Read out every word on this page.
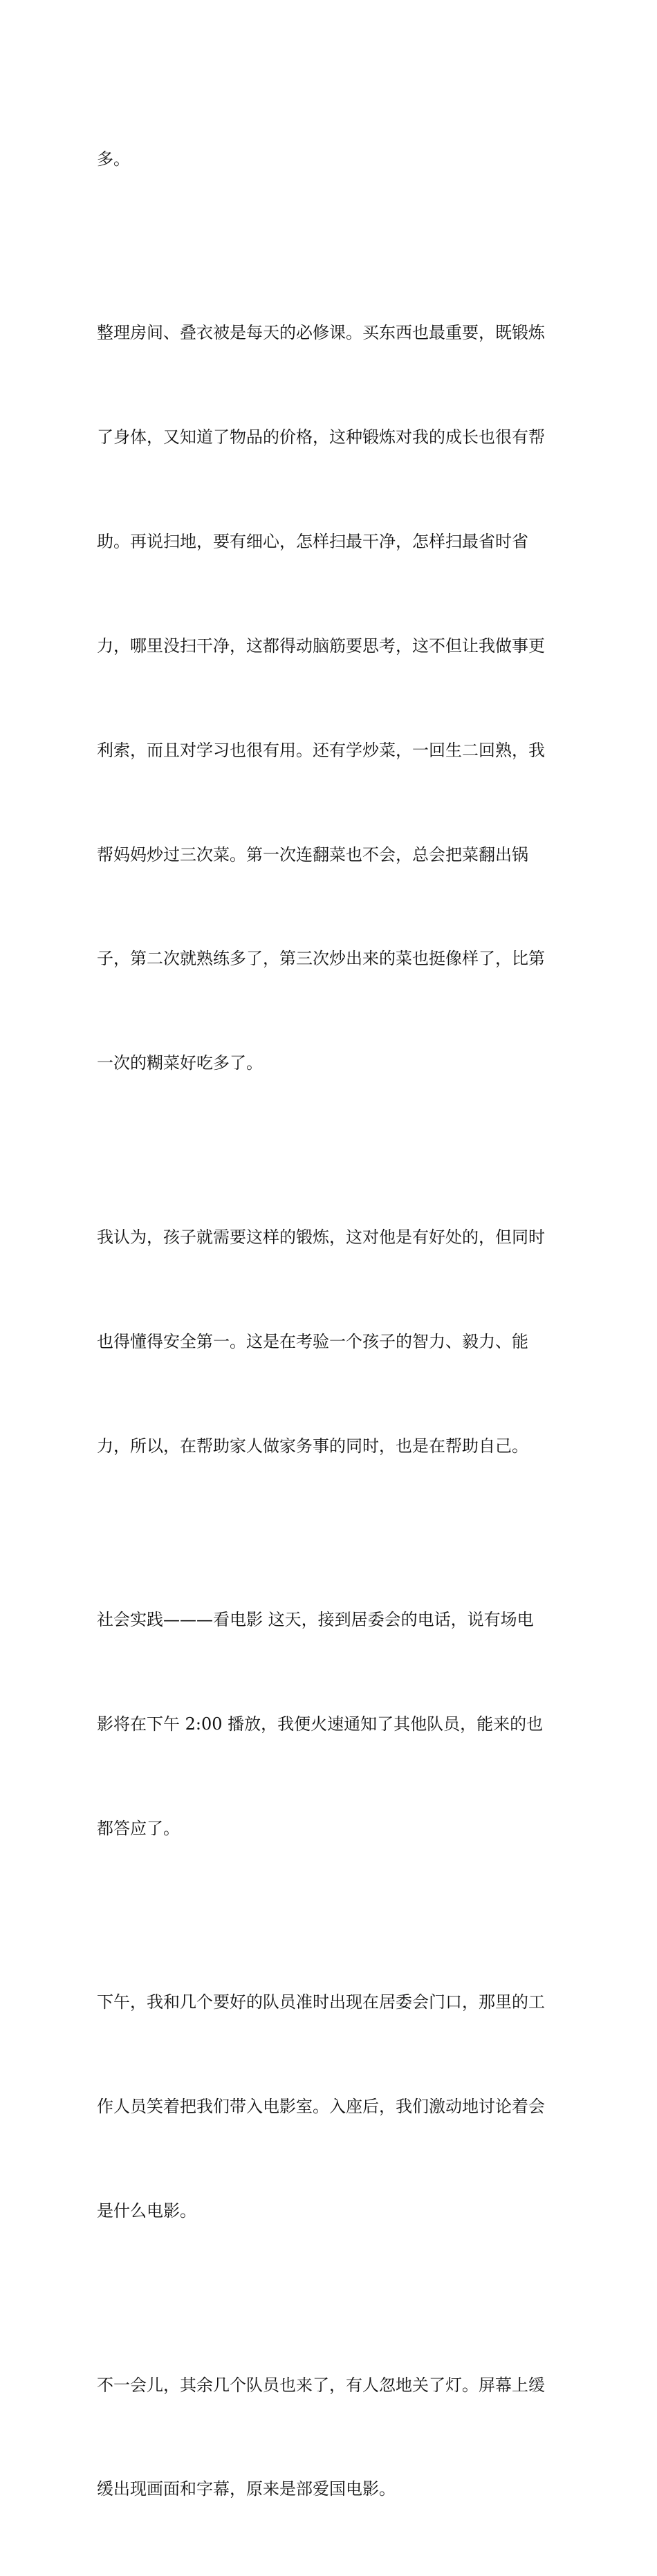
多。

整理房间、叠衣被是每天的必修课。买东西也最重要，既锻炼

了身体，又知道了物品的价格，这种锻炼对我的成长也很有帮

助。再说扫地，要有细心，怎样扫最干净，怎样扫最省时省

力，哪里没扫干净，这都得动脑筋要思考，这不但让我做事更

利索，而且对学习也很有用。还有学炒菜，一回生二回熟，我

帮妈妈炒过三次菜。第一次连翻菜也不会，总会把菜翻出锅

子，第二次就熟练多了，第三次炒出来的菜也挺像样了，比第

一次的糊菜好吃多了。

我认为，孩子就需要这样的锻炼，这对他是有好处的，但同时

也得懂得安全第一。这是在考验一个孩子的智力、毅力、能

力，所以，在帮助家人做家务事的同时，也是在帮助自己。

社会实践———看电影 这天，接到居委会的电话，说有场电

影将在下午 2:00 播放，我便火速通知了其他队员，能来的也

都答应了。

下午，我和几个要好的队员准时出现在居委会门口，那里的工

作人员笑着把我们带入电影室。入座后，我们激动地讨论着会

是什么电影。

不一会儿，其余几个队员也来了，有人忽地关了灯。屏幕上缓

缓出现画面和字幕，原来是部爱国电影。
